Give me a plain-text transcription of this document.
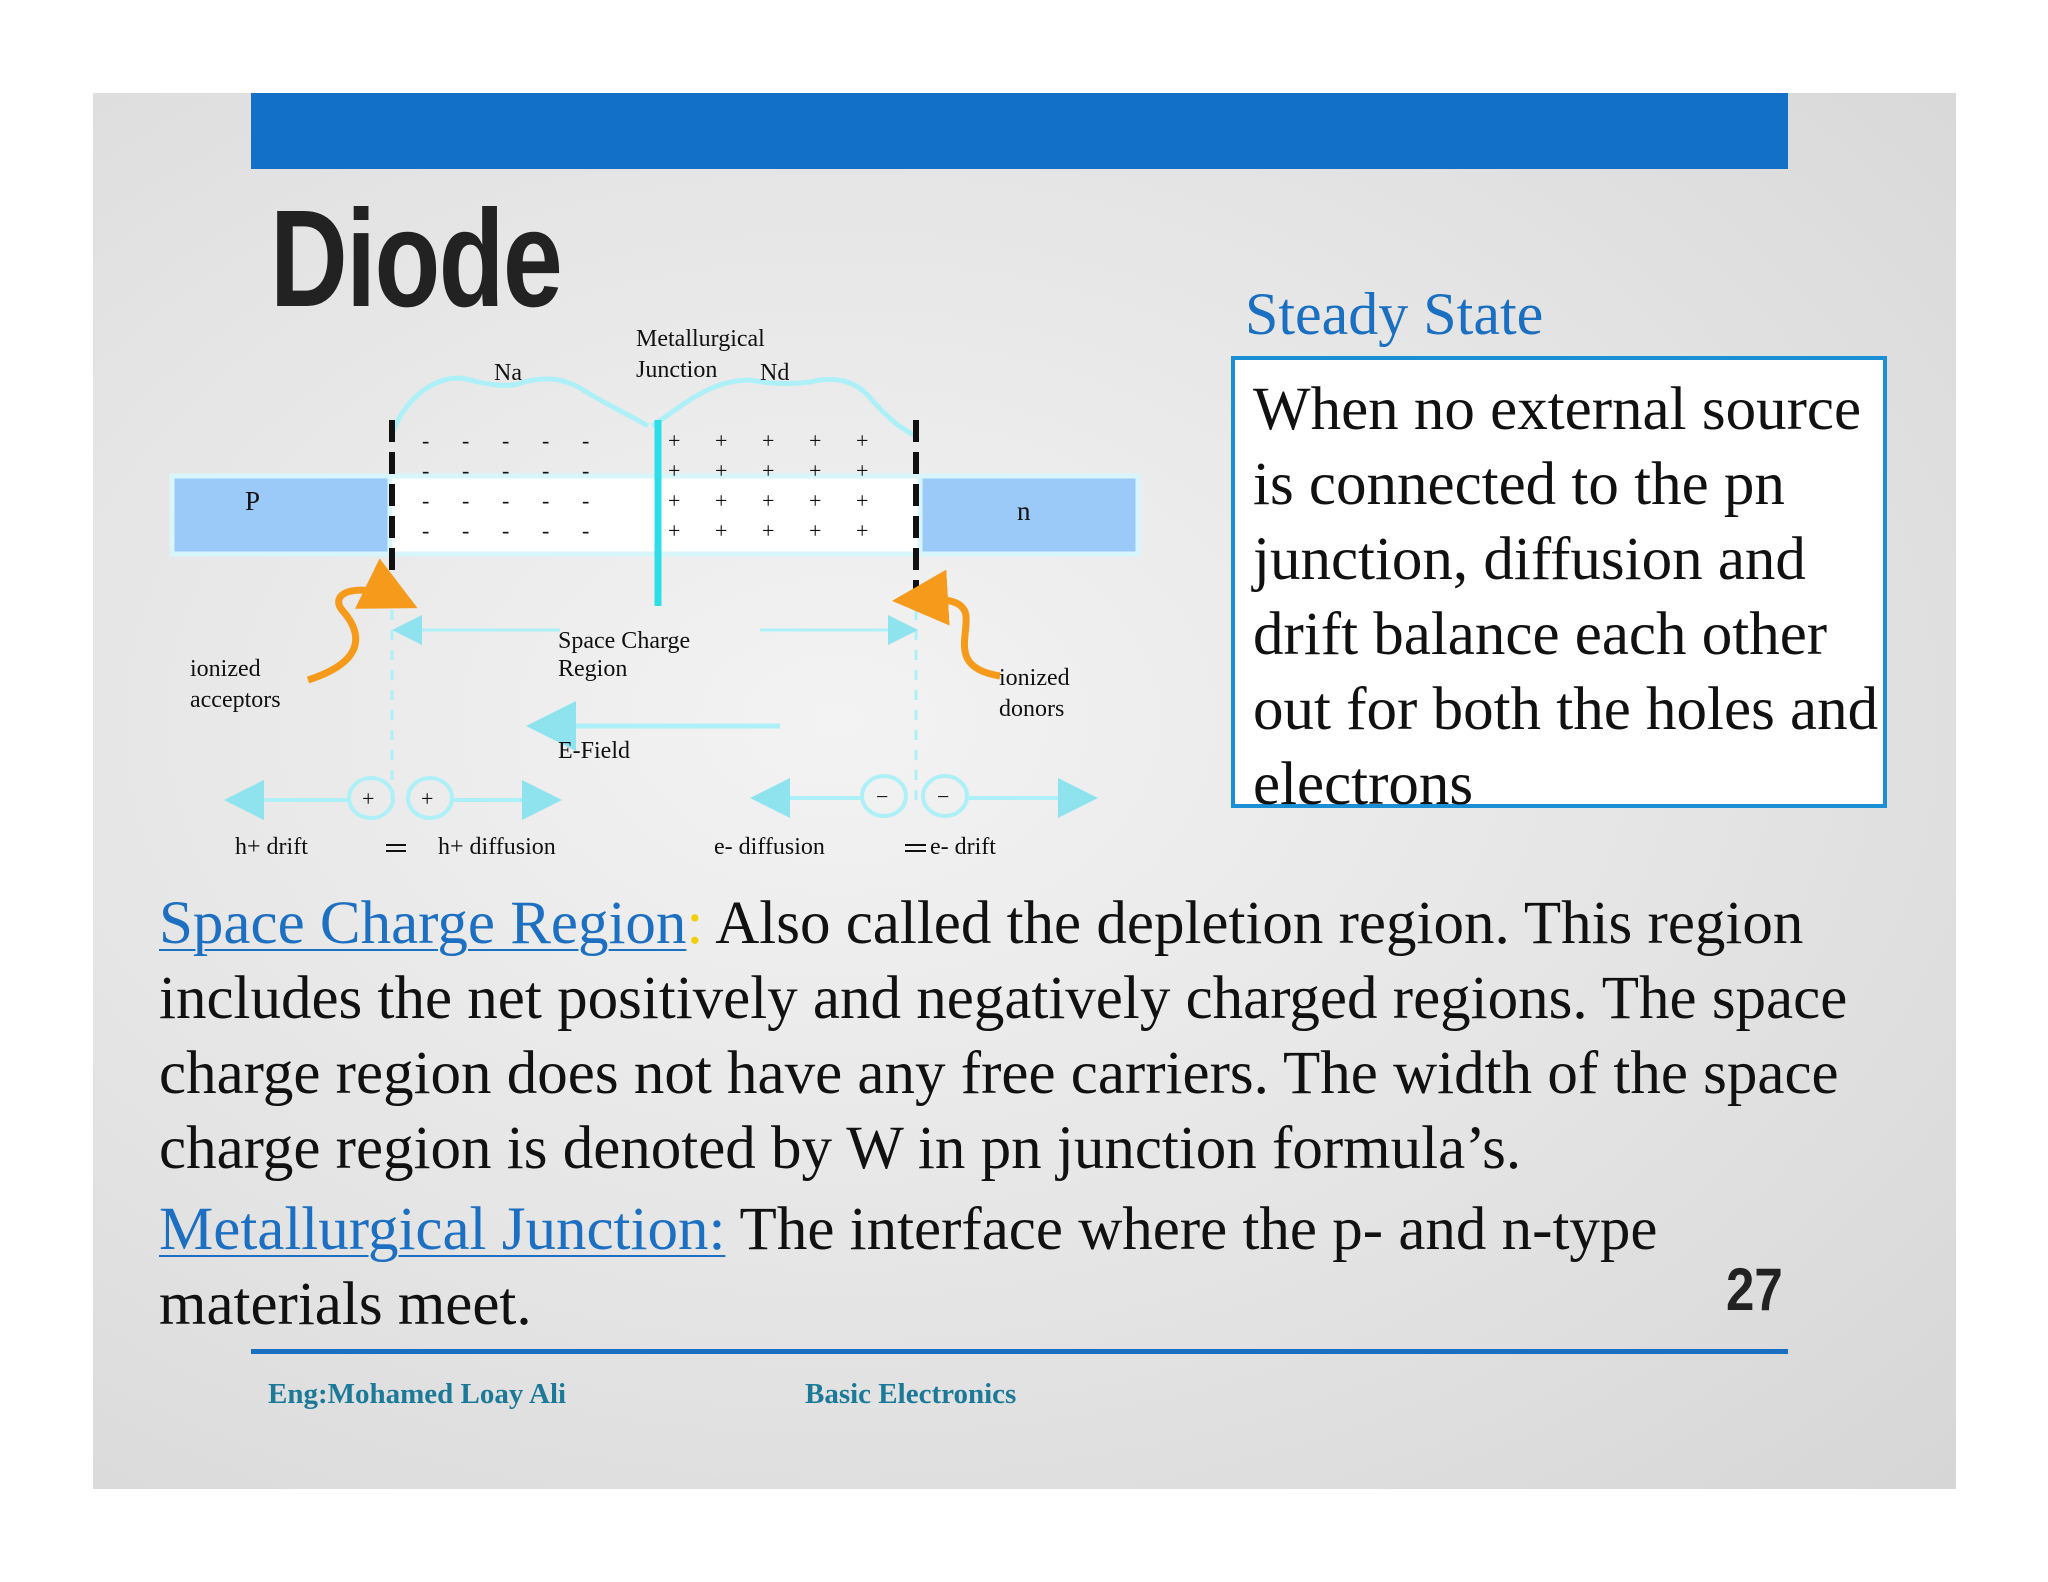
Diode
- - - - -
- - - - -
- - - - -
- - - - -
+ + + + +
+ + + + +
+ + + + +
+ + + + +
+ +	− −
Na
Metallurgical
Junction Nd
P	n
Space Charge
Region
ionized
acceptors
ionized
donors
E-Field
h+ drift	h+ diffusion	e- diffusion	e- drift
Steady State
When no external source is connected to the pn junction, diffusion and drift balance each other out for both the holes and electrons

Space Charge Region: Also called the depletion region. This region includes the net positively and negatively charged regions. The space charge region does not have any free carriers. The width of the space charge region is denoted by W in pn junction formula’s.

Metallurgical Junction: The interface where the p- and n-type materials meet.	27
Eng:Mohamed Loay Ali	Basic Electronics
